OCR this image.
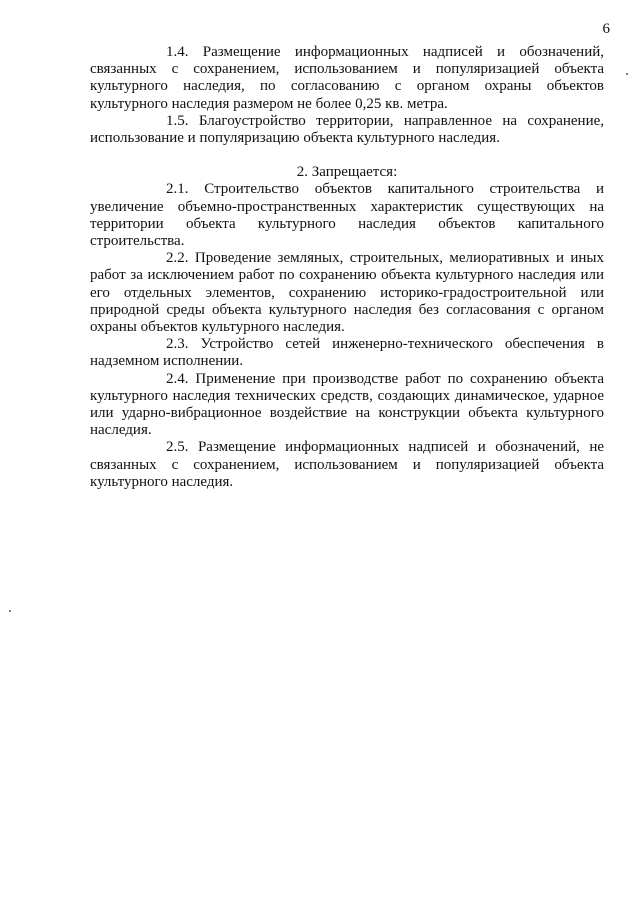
6

1.4. Размещение информационных надписей и обозначений, связанных с сохранением, использованием и популяризацией объекта культурного наследия, по согласованию с органом охраны объектов культурного наследия размером не более 0,25 кв. метра.

1.5. Благоустройство территории, направленное на сохранение, использование и популяризацию объекта культурного наследия.

2. Запрещается:

2.1. Строительство объектов капитального строительства и увеличение объемно-пространственных характеристик существующих на территории объекта культурного наследия объектов капитального строительства.

2.2. Проведение земляных, строительных, мелиоративных и иных работ за исключением работ по сохранению объекта культурного наследия или его отдельных элементов, сохранению историко-градостроительной или природной среды объекта культурного наследия без согласования с органом охраны объектов культурного наследия.

2.3. Устройство сетей инженерно-технического обеспечения в надземном исполнении.

2.4. Применение при производстве работ по сохранению объекта культурного наследия технических средств, создающих динамическое, ударное или ударно-вибрационное воздействие на конструкции объекта культурного наследия.

2.5. Размещение информационных надписей и обозначений, не связанных с сохранением, использованием и популяризацией объекта культурного наследия.
